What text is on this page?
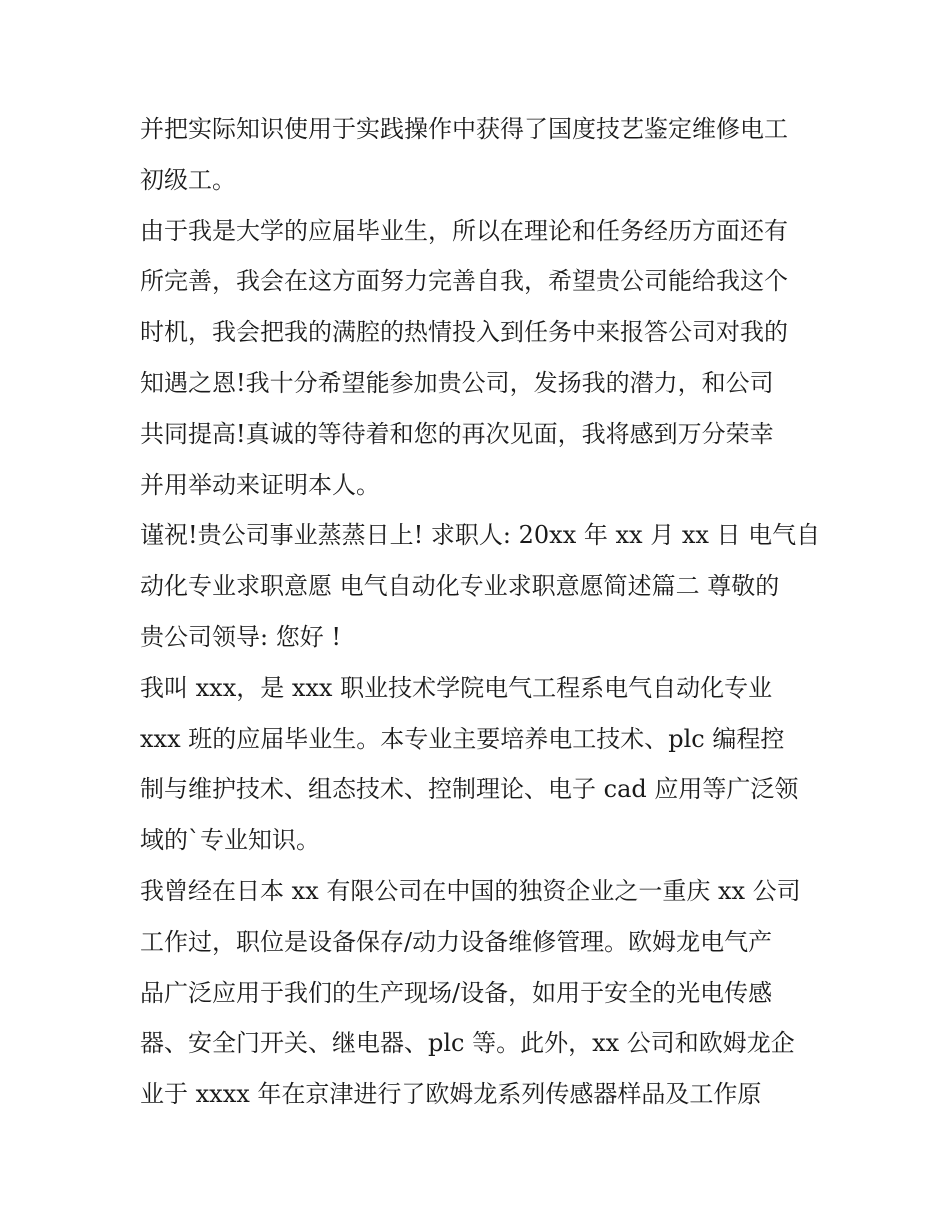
并把实际知识使用于实践操作中获得了国度技艺鉴定维修电工
初级工。
由于我是大学的应届毕业生，所以在理论和任务经历方面还有
所完善，我会在这方面努力完善自我，希望贵公司能给我这个
时机，我会把我的满腔的热情投入到任务中来报答公司对我的
知遇之恩!我十分希望能参加贵公司，发扬我的潜力，和公司
共同提高!真诚的等待着和您的再次见面，我将感到万分荣幸
并用举动来证明本人。
谨祝!贵公司事业蒸蒸日上! 求职人: 20xx 年 xx 月 xx 日 电气自
动化专业求职意愿 电气自动化专业求职意愿简述篇二 尊敬的
贵公司领导: 您好 !
我叫 xxx，是 xxx 职业技术学院电气工程系电气自动化专业
xxx 班的应届毕业生。本专业主要培养电工技术、plc 编程控
制与维护技术、组态技术、控制理论、电子 cad 应用等广泛领
域的`专业知识。
我曾经在日本 xx 有限公司在中国的独资企业之一重庆 xx 公司
工作过，职位是设备保存/动力设备维修管理。欧姆龙电气产
品广泛应用于我们的生产现场/设备，如用于安全的光电传感
器、安全门开关、继电器、plc 等。此外，xx 公司和欧姆龙企
业于 xxxx 年在京津进行了欧姆龙系列传感器样品及工作原
